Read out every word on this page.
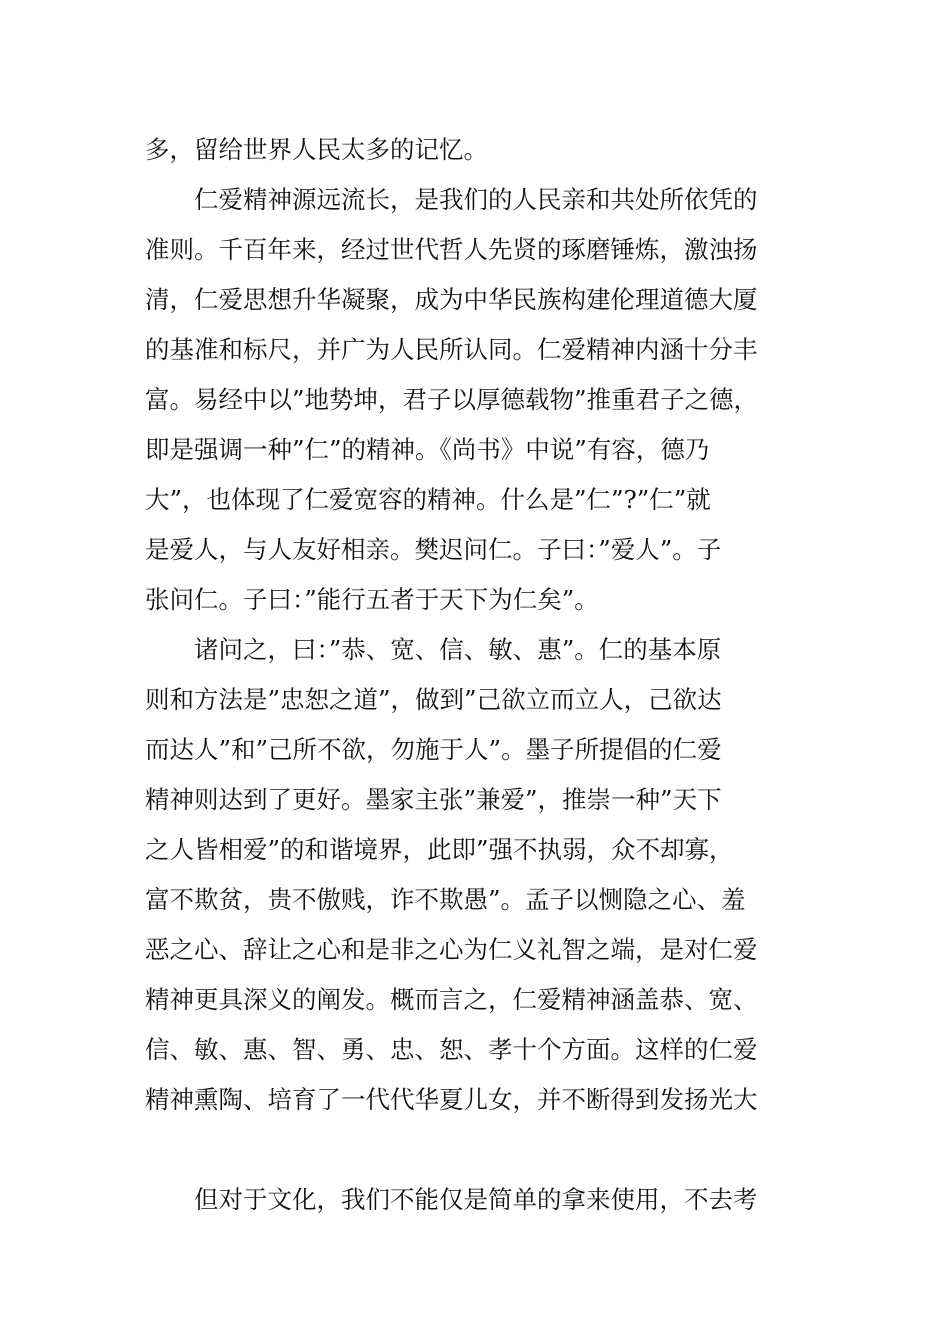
多，留给世界人民太多的记忆。
仁爱精神源远流长，是我们的人民亲和共处所依凭的
准则。千百年来，经过世代哲人先贤的琢磨锤炼，激浊扬
清，仁爱思想升华凝聚，成为中华民族构建伦理道德大厦
的基准和标尺，并广为人民所认同。仁爱精神内涵十分丰
富。易经中以”地势坤，君子以厚德载物”推重君子之德，
即是强调一种”仁”的精神。《尚书》中说”有容，德乃
大”，也体现了仁爱宽容的精神。什么是”仁”?”仁”就
是爱人，与人友好相亲。樊迟问仁。子曰：”爱人”。子
张问仁。子曰：”能行五者于天下为仁矣”。
诸问之，曰：”恭、宽、信、敏、惠”。仁的基本原
则和方法是”忠恕之道”，做到”己欲立而立人，己欲达
而达人”和”己所不欲，勿施于人”。墨子所提倡的仁爱
精神则达到了更好。墨家主张”兼爱”，推崇一种”天下
之人皆相爱”的和谐境界，此即”强不执弱，众不却寡，
富不欺贫，贵不傲贱，诈不欺愚”。孟子以恻隐之心、羞
恶之心、辞让之心和是非之心为仁义礼智之端，是对仁爱
精神更具深义的阐发。概而言之，仁爱精神涵盖恭、宽、
信、敏、惠、智、勇、忠、恕、孝十个方面。这样的仁爱
精神熏陶、培育了一代代华夏儿女，并不断得到发扬光大
但对于文化，我们不能仅是简单的拿来使用，不去考
